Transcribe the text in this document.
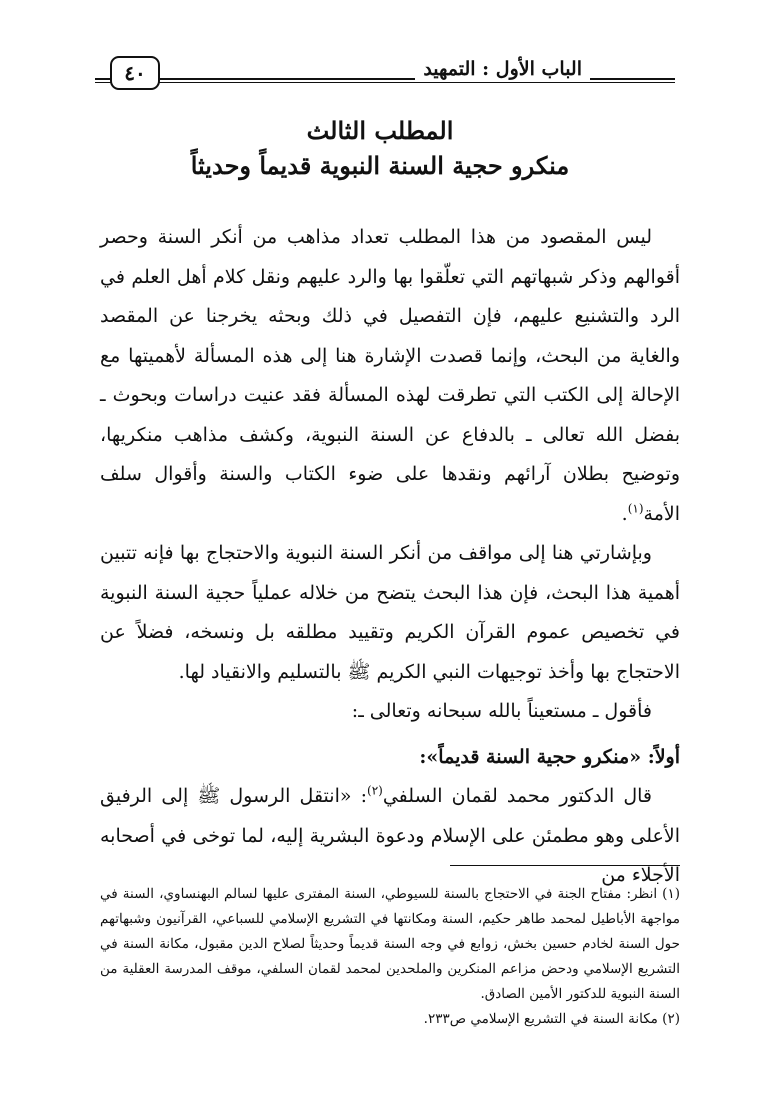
٤٠	الباب الأول : التمهيد
المطلب الثالث
منكرو حجية السنة النبوية قديماً وحديثاً

ليس المقصود من هذا المطلب تعداد مذاهب من أنكر السنة وحصر أقوالهم وذكر شبهاتهم التي تعلّقوا بها والرد عليهم ونقل كلام أهل العلم في الرد والتشنيع عليهم، فإن التفصيل في ذلك وبحثه يخرجنا عن المقصد والغاية من البحث، وإنما قصدت الإشارة هنا إلى هذه المسألة لأهميتها مع الإحالة إلى الكتب التي تطرقت لهذه المسألة فقد عنيت دراسات وبحوث ـ بفضل الله تعالى ـ بالدفاع عن السنة النبوية، وكشف مذاهب منكريها، وتوضيح بطلان آرائهم ونقدها على ضوء الكتاب والسنة وأقوال سلف الأمة$^{(١)}$.

وبإشارتي هنا إلى مواقف من أنكر السنة النبوية والاحتجاج بها فإنه تتبين أهمية هذا البحث، فإن هذا البحث يتضح من خلاله عملياً حجية السنة النبوية في تخصيص عموم القرآن الكريم وتقييد مطلقه بل ونسخه، فضلاً عن الاحتجاج بها وأخذ توجيهات النبي الكريم ﷺ بالتسليم والانقياد لها.

فأقول ـ مستعيناً بالله سبحانه وتعالى ـ:

أولاً: «منكرو حجية السنة قديماً»:

قال الدكتور محمد لقمان السلفي$^{(٢)}$: «انتقل الرسول ﷺ إلى الرفيق الأعلى وهو مطمئن على الإسلام ودعوة البشرية إليه، لما توخى في أصحابه الأجلاء من

(١) انظر: مفتاح الجنة في الاحتجاج بالسنة للسيوطي، السنة المفترى عليها لسالم البهنساوي، السنة في مواجهة الأباطيل لمحمد طاهر حكيم، السنة ومكانتها في التشريع الإسلامي للسباعي، القرآنيون وشبهاتهم حول السنة لخادم حسين بخش، زوابع في وجه السنة قديماً وحديثاً لصلاح الدين مقبول، مكانة السنة في التشريع الإسلامي ودحض مزاعم المنكرين والملحدين لمحمد لقمان السلفي، موقف المدرسة العقلية من السنة النبوية للدكتور الأمين الصادق.

(٢) مكانة السنة في التشريع الإسلامي ص٢٣٣.
